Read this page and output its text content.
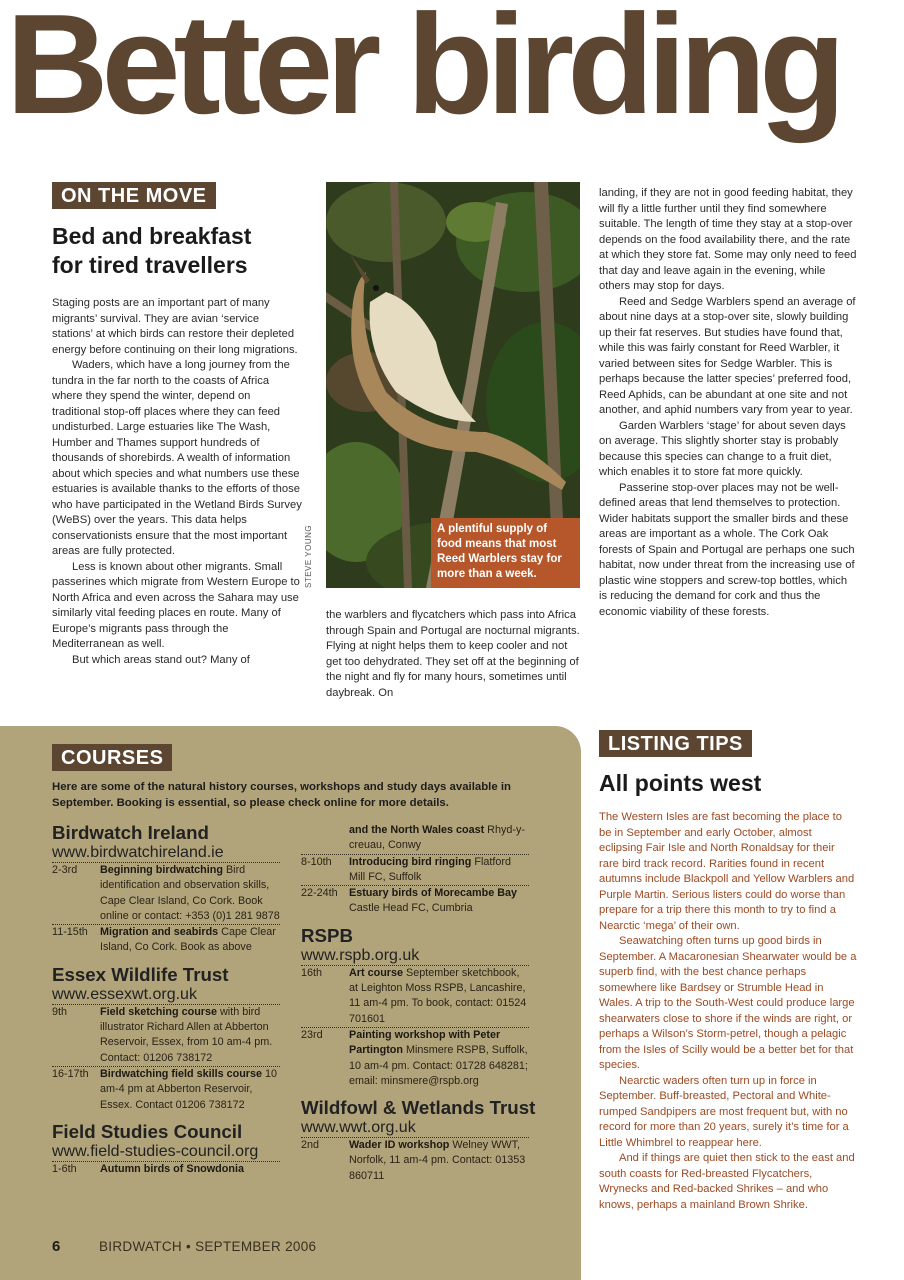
Better birding
ON THE MOVE
Bed and breakfast
for tired travellers

Staging posts are an important part of many migrants’ survival. They are avian ‘service stations’ at which birds can restore their depleted energy before continuing on their long migrations.

Waders, which have a long journey from the tundra in the far north to the coasts of Africa where they spend the winter, depend on traditional stop-off places where they can feed undisturbed. Large estuaries like The Wash, Humber and Thames support hundreds of thousands of shorebirds. A wealth of information about which species and what numbers use these estuaries is available thanks to the efforts of those who have participated in the Wetland Birds Survey (WeBS) over the years. This data helps conservationists ensure that the most important areas are fully protected.

Less is known about other migrants. Small passerines which migrate from Western Europe to North Africa and even across the Sahara may use similarly vital feeding places en route. Many of Europe’s migrants pass through the Mediterranean as well.

But which areas stand out? Many of

STEVE YOUNG	A plentiful supply of food means that most Reed Warblers stay for more than a week.

the warblers and flycatchers which pass into Africa through Spain and Portugal are nocturnal migrants. Flying at night helps them to keep cooler and not get too dehydrated. They set off at the beginning of the night and fly for many hours, sometimes until daybreak. On

landing, if they are not in good feeding habitat, they will fly a little further until they find somewhere suitable. The length of time they stay at a stop-over depends on the food availability there, and the rate at which they store fat. Some may only need to feed that day and leave again in the evening, while others may stop for days.

Reed and Sedge Warblers spend an average of about nine days at a stop-over site, slowly building up their fat reserves. But studies have found that, while this was fairly constant for Reed Warbler, it varied between sites for Sedge Warbler. This is perhaps because the latter species’ preferred food, Reed Aphids, can be abundant at one site and not another, and aphid numbers vary from year to year.

Garden Warblers ‘stage’ for about seven days on average. This slightly shorter stay is probably because this species can change to a fruit diet, which enables it to store fat more quickly.

Passerine stop-over places may not be well-defined areas that lend themselves to protection. Wider habitats support the smaller birds and these areas are important as a whole. The Cork Oak forests of Spain and Portugal are perhaps one such habitat, now under threat from the increasing use of plastic wine stoppers and screw-top bottles, which is reducing the demand for cork and thus the economic viability of these forests.

COURSES
Here are some of the natural history courses, workshops and study days available in September. Booking is essential, so please check online for more details.
Birdwatch Ireland
www.birdwatchireland.ie
2-3rd	Beginning birdwatching Bird identification and observation skills, Cape Clear Island, Co Cork. Book online or contact: +353 (0)1 281 9878
11-15th	Migration and seabirds Cape Clear Island, Co Cork. Book as above
Essex Wildlife Trust
www.essexwt.org.uk
9th	Field sketching course with bird illustrator Richard Allen at Abberton Reservoir, Essex, from 10 am-4 pm. Contact: 01206 738172
16-17th	Birdwatching field skills course 10 am-4 pm at Abberton Reservoir, Essex. Contact 01206 738172
Field Studies Council
www.field-studies-council.org
1-6th	Autumn birds of Snowdonia
and the North Wales coast Rhyd-y-creuau, Conwy
8-10th	Introducing bird ringing Flatford Mill FC, Suffolk
22-24th	Estuary birds of Morecambe Bay Castle Head FC, Cumbria
RSPB
www.rspb.org.uk
16th	Art course September sketchbook, at Leighton Moss RSPB, Lancashire, 11 am-4 pm. To book, contact: 01524 701601
23rd	Painting workshop with Peter Partington Minsmere RSPB, Suffolk, 10 am-4 pm. Contact: 01728 648281; email: minsmere@rspb.org
Wildfowl & Wetlands Trust
www.wwt.org.uk
2nd	Wader ID workshop Welney WWT, Norfolk, 11 am-4 pm. Contact: 01353 860711
LISTING TIPS
All points west

The Western Isles are fast becoming the place to be in September and early October, almost eclipsing Fair Isle and North Ronaldsay for their rare bird track record. Rarities found in recent autumns include Blackpoll and Yellow Warblers and Purple Martin. Serious listers could do worse than prepare for a trip there this month to try to find a Nearctic ‘mega’ of their own.

Seawatching often turns up good birds in September. A Macaronesian Shearwater would be a superb find, with the best chance perhaps somewhere like Bardsey or Strumble Head in Wales. A trip to the South-West could produce large shearwaters close to shore if the winds are right, or perhaps a Wilson’s Storm-petrel, though a pelagic from the Isles of Scilly would be a better bet for that species.

Nearctic waders often turn up in force in September. Buff-breasted, Pectoral and White-rumped Sandpipers are most frequent but, with no record for more than 20 years, surely it’s time for a Little Whimbrel to reappear here.

And if things are quiet then stick to the east and south coasts for Red-breasted Flycatchers, Wrynecks and Red-backed Shrikes – and who knows, perhaps a mainland Brown Shrike.

6	BIRDWATCH • SEPTEMBER 2006
